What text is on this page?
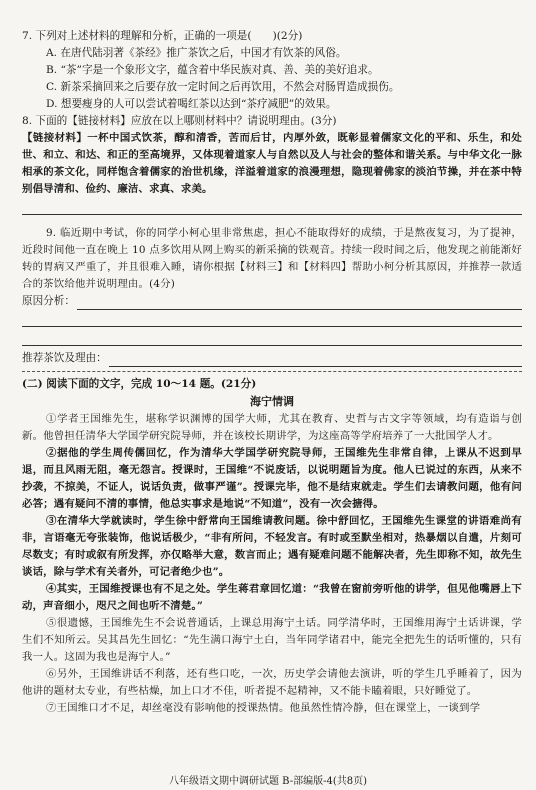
7. 下列对上述材料的理解和分析，正确的一项是(　　)(2分)
A. 在唐代陆羽著《茶经》推广茶饮之后，中国才有饮茶的风俗。
B. “茶”字是一个象形文字，蕴含着中华民族对真、善、美的美好追求。
C. 新茶采摘回来之后要存放一定时间之后再饮用，不然会对肠胃造成损伤。
D. 想要瘦身的人可以尝试着喝红茶以达到“茶疗减肥”的效果。
8. 下面的【链接材料】应放在以上哪则材料中？请说明理由。(3分)
【链接材料】一杯中国式饮茶，醇和清香，苦而后甘，内厚外敛，既彰显着儒家文化的平和、乐生，和处世、和立、和达、和正的至高境界，又体现着道家人与自然以及人与社会的整体和谐关系。与中华文化一脉相承的茶文化，同样饱含着儒家的治世机缘，洋溢着道家的浪漫理想，隐现着佛家的淡泊节操，并在茶中特别倡导清和、俭约、廉洁、求真、求美。
9. 临近期中考试，你的同学小柯心里非常焦虑，担心不能取得好的成绩，于是熬夜复习，为了提神，近段时间他一直在晚上 10 点多饮用从网上购买的新采摘的铁观音。持续一段时间之后，他发现之前能渐好转的胃病又严重了，并且很难入睡，请你根据【材料三】和【材料四】帮助小柯分析其原因，并推荐一款适合的茶饮给他并说明理由。(4分)
原因分析：
推荐茶饮及理由：
(二) 阅读下面的文字，完成 10～14 题。(21分)
海宁情调
①学者王国维先生，堪称学识渊博的国学大师，尤其在教育、史哲与古文字等领域，均有造诣与创新。他曾担任清华大学国学研究院导师，并在该校长期讲学，为这座高等学府培养了一大批国学人才。
②据他的学生周传儒回忆，作为清华大学国学研究院导师，王国维先生非常自律，上课从不迟到早退，而且风雨无阻，毫无怨言。授课时，王国维“不说废话，以说明题旨为度。他人已说过的东西，从来不抄袭，不掠美，不证人，说话负责，做事严谨”。授课完毕，他不是结束就走。学生们去请教问题，他有问必答；遇有疑问不清的事情，他总实事求是地说“不知道”，没有一次会搪得。
③在清华大学就读时，学生徐中舒常向王国维请教问题。徐中舒回忆，王国维先生课堂的讲语难尚有非，言语毫无夸张装饰，他说话极少，“非有所问，不轻发言。有时或至默坐相对，热暴烟以自遣，片刻可尽数支；有时或叙有所发挥，亦仅略举大意，数言而止；遇有疑难问题不能解决者，先生即称不知，故先生谈话，除与学术有关者外，可记者绝少也”。
④其实，王国维授课也有不足之处。学生蒋君章回忆道：“我曾在窗前旁听他的讲学，但见他嘴唇上下动，声音细小，咫尺之间也听不清楚。”
⑤很遗憾，王国维先生不会说普通话，上课总用海宁土话。同学清华时，王国维用海宁土话讲课，学生们不知所云。吴其昌先生回忆：“先生满口海宁土白，当年同学诸君中，能完全把先生的话听懂的，只有我一人。这固为我也是海宁人。”
⑥另外，王国维讲话不利落，还有些口吃，一次，历史学会请他去演讲，听的学生几乎睡着了，因为他讲的题材太专业，有些枯燥，加上口才不佳，听者提不起精神，又不能卡瞌着眼，只好睡觉了。
⑦王国维口才不足，却丝毫没有影响他的授课热情。他虽然性情冷静，但在课堂上，一谈到学
八年级语文期中调研试题 B-部编版-4(共8页)
